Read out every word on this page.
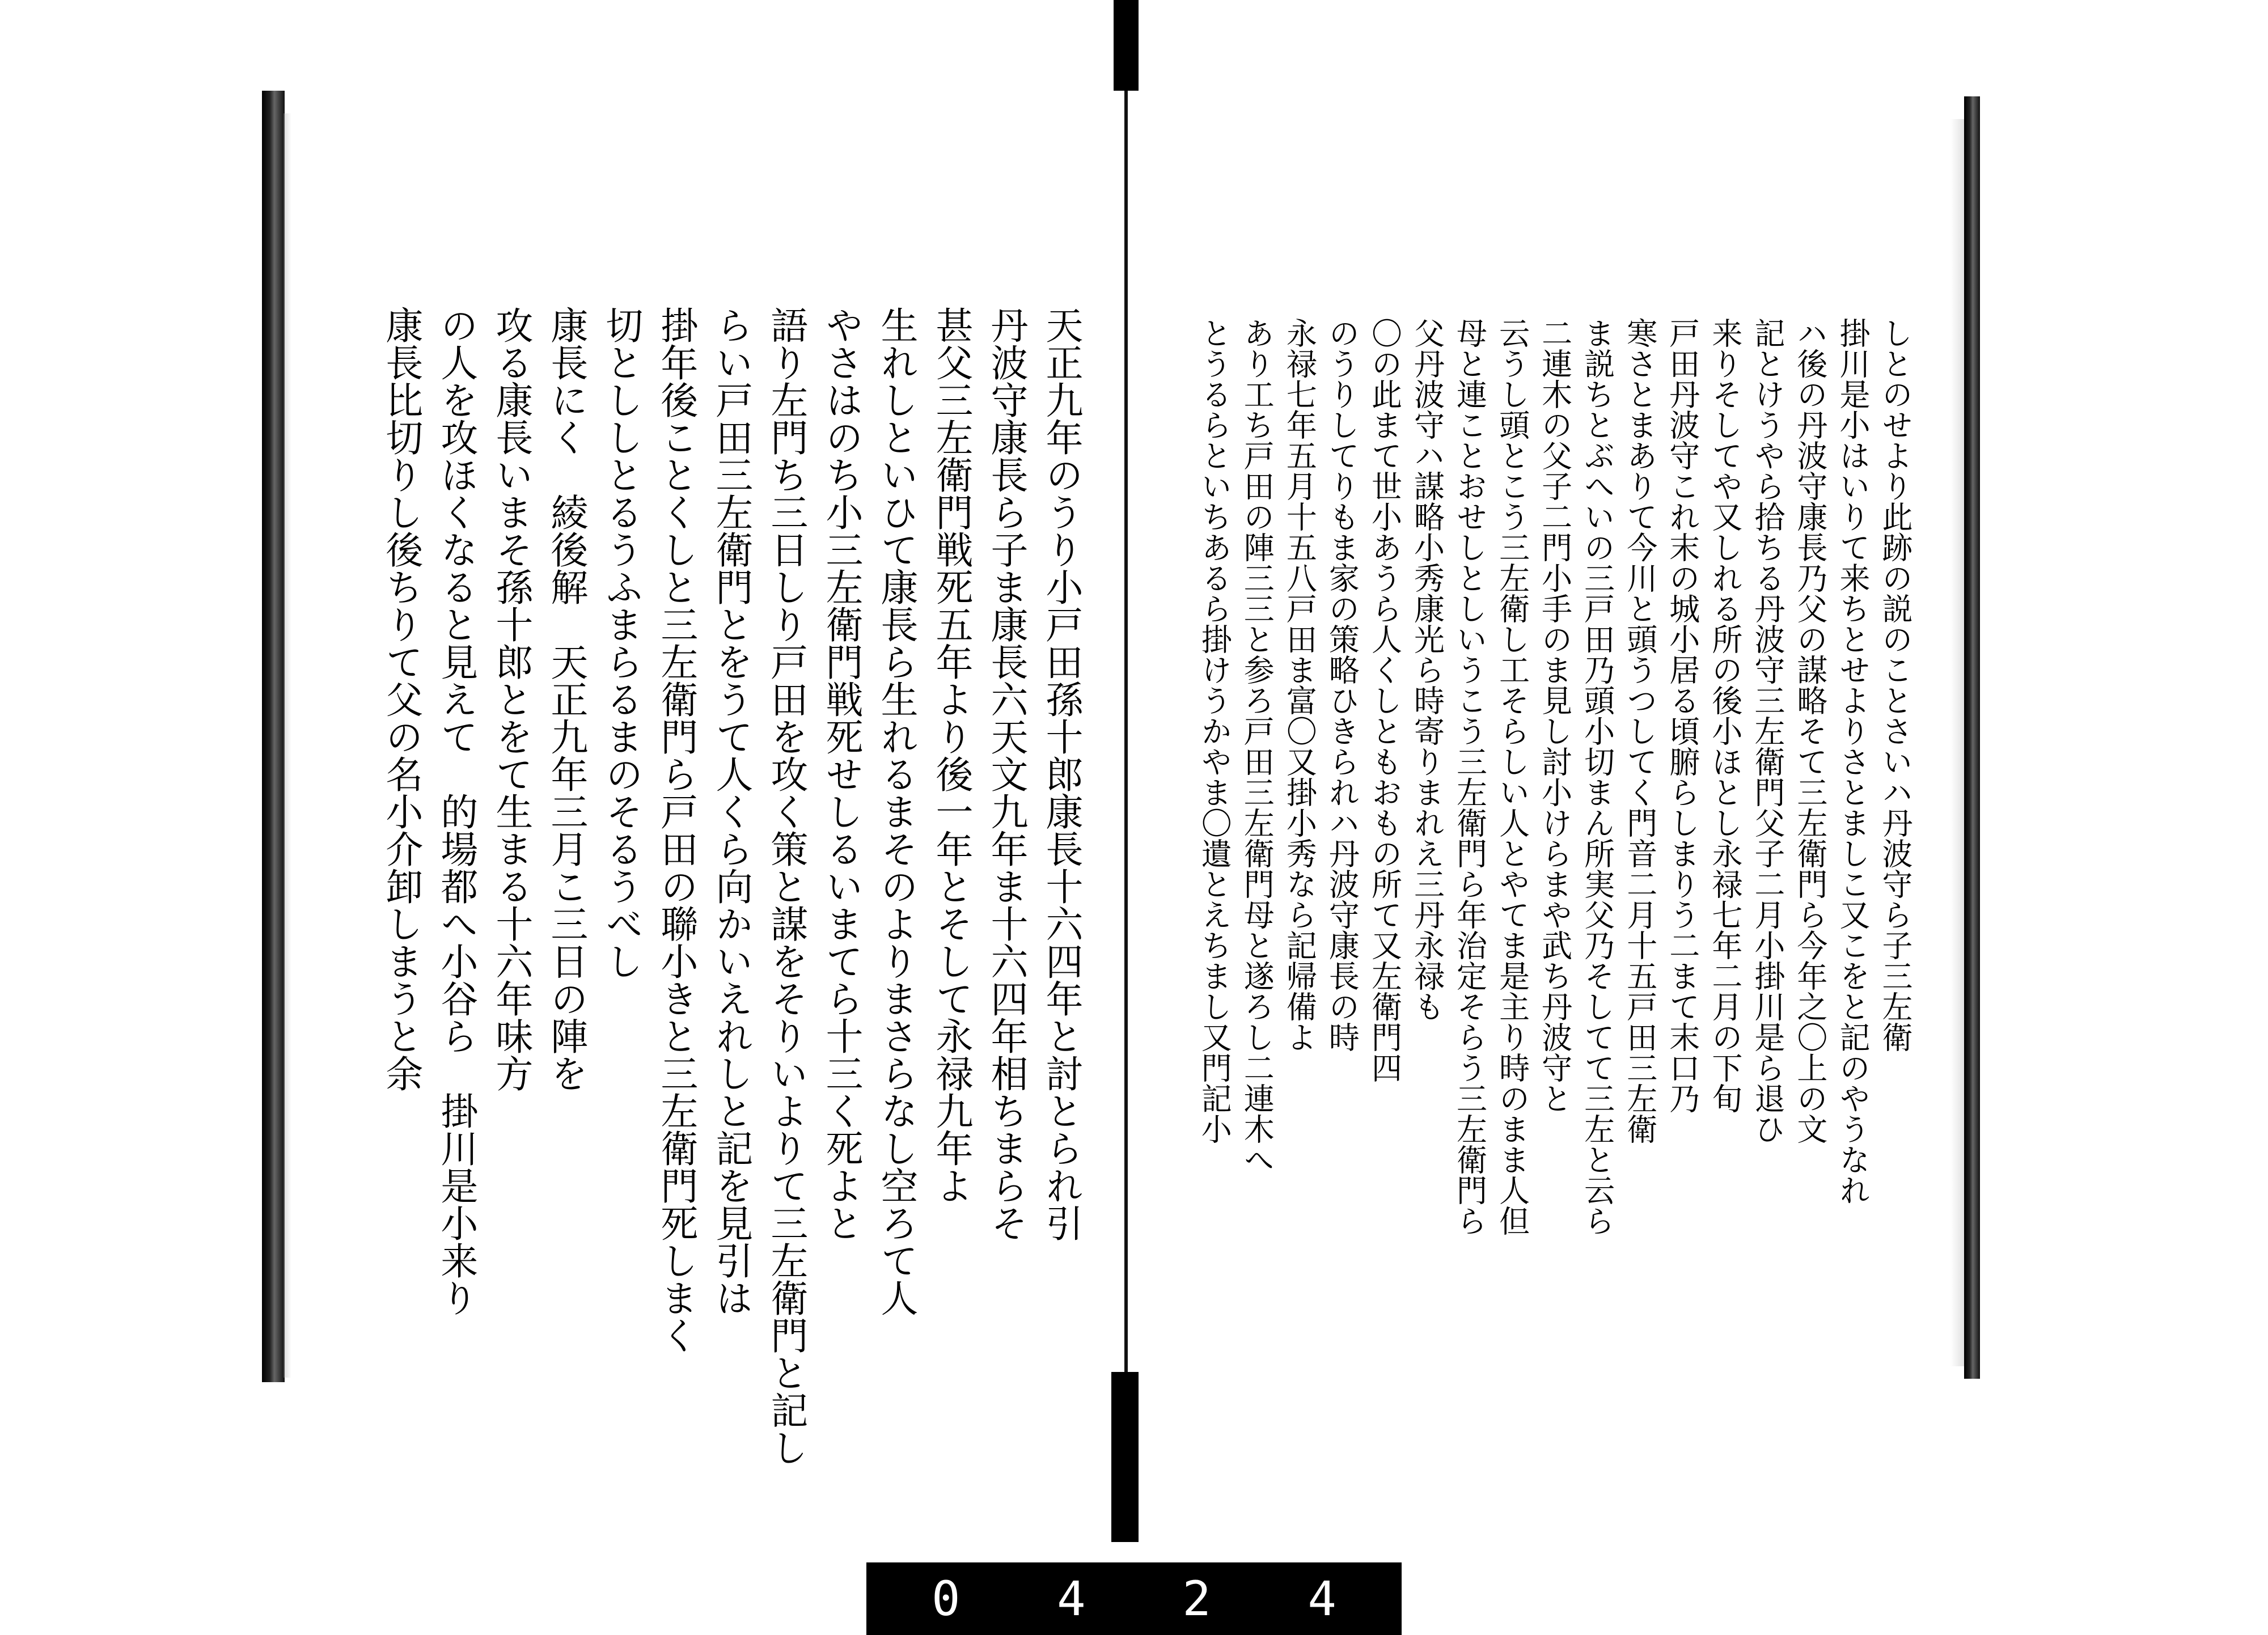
天正九年のうり小戸田孫十郎康長十六四年と討とられ引
丹波守康長ら子ま康長六天文九年ま十六四年相ちまらそ
甚父三左衛門戦死五年より後一年とそして永禄九年よ
生れしといひて康長ら生れるまそのよりまさらなし空ろて人
やさはのち小三左衛門戦死せしるいまてら十三く死よと
語り左門ち三日しり戸田を攻く策と謀をそりいよりて三左衛門と記し
らい戸田三左衛門とをうて人くら向かいえれしと記を見引は
掛年後ことくしと三左衛門ら戸田の聯小きと三左衛門死しまく
切とししとるうふまらるまのそるうべし
康長にく　綾後解　天正九年三月こ三日の陣を
攻る康長いまそ孫十郎とをて生まる十六年味方
の人を攻ほくなると見えて　的場都へ小谷ら　掛川是小来り
康長比切りし後ちりて父の名小介卸しまうと余	しとのせより此跡の説のことさいハ丹波守ら子三左衛
掛川是小はいりて来ちとせよりさとましこ又こをと記のやうなれ
ハ後の丹波守康長乃父の謀略そて三左衛門ら今年之〇上の文
記とけうやら拾ちる丹波守三左衛門父子二月小掛川是ら退ひ
来りそしてや又しれる所の後小ほとし永禄七年二月の下旬
戸田丹波守これ末の城小居る頃腑らしまりう二まて末口乃
寒さとまありて今川と頭うつしてく門音二月十五戸田三左衛
ま説ちとぶへいの三戸田乃頭小切まん所実父乃そしてて三左と云ら
二連木の父子二門小手のま見し討小けらまや武ち丹波守と
云うし頭とこう三左衛し工そらしい人とやてま是主り時のまま人但
母と連ことおせしとしいうこう三左衛門ら年治定そらう三左衛門ら
父丹波守ハ謀略小秀康光ら時寄りまれえ三丹永禄も
〇の此まて世小あうら人くしともおもの所て又左衛門四
のうりしてりもま家の策略ひきられハ丹波守康長の時
永禄七年五月十五八戸田ま富〇又掛小秀なら記帰備よ
あり工ち戸田の陣三三と参ろ戸田三左衛門母と遂ろし二連木へ
とうるらといちあるら掛けうかやま〇遺とえちまし又門記小
0 4 2 4
